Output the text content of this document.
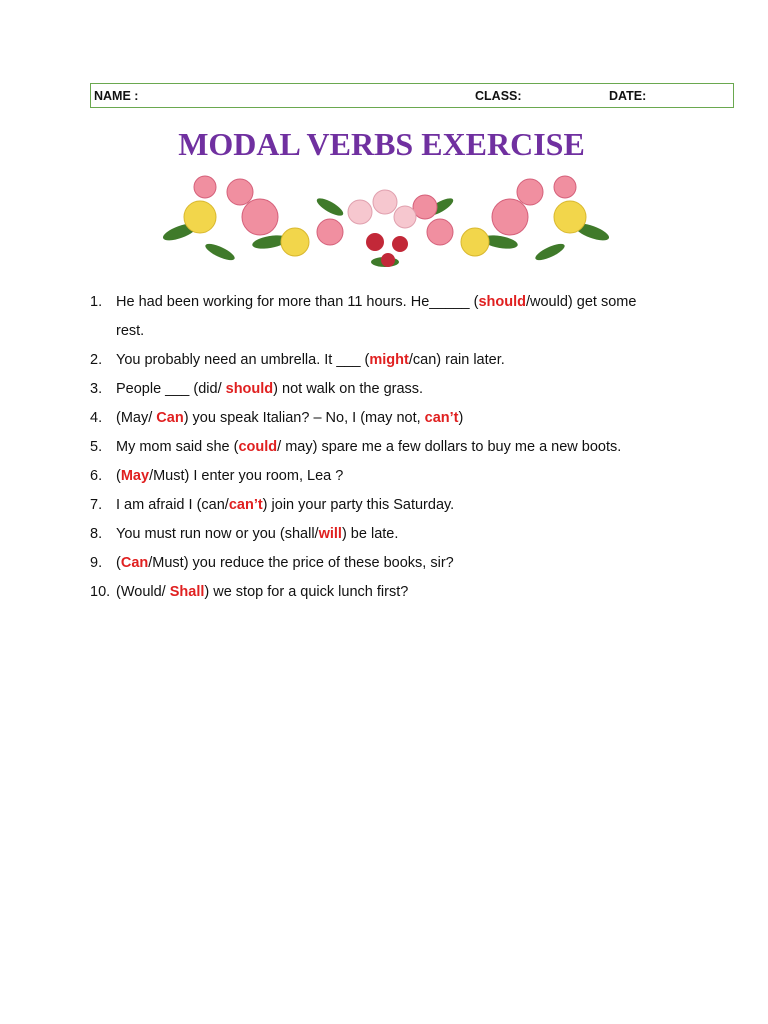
NAME :	CLASS:	DATE:
MODAL VERBS EXERCISE
1. He had been working for more than 11 hours. He_____ (should/would) get some
rest.
2. You probably need an umbrella. It ___ (might/can) rain later.
3. People ___ (did/ should) not walk on the grass.
4. (May/ Can) you speak Italian? – No, I (may not, can’t)
5. My mom said she (could/ may) spare me a few dollars to buy me a new boots.
6. (May/Must) I enter you room, Lea ?
7. I am afraid I (can/can’t) join your party this Saturday.
8. You must run now or you (shall/will) be late.
9. (Can/Must) you reduce the price of these books, sir?
10. (Would/ Shall) we stop for a quick lunch first?
